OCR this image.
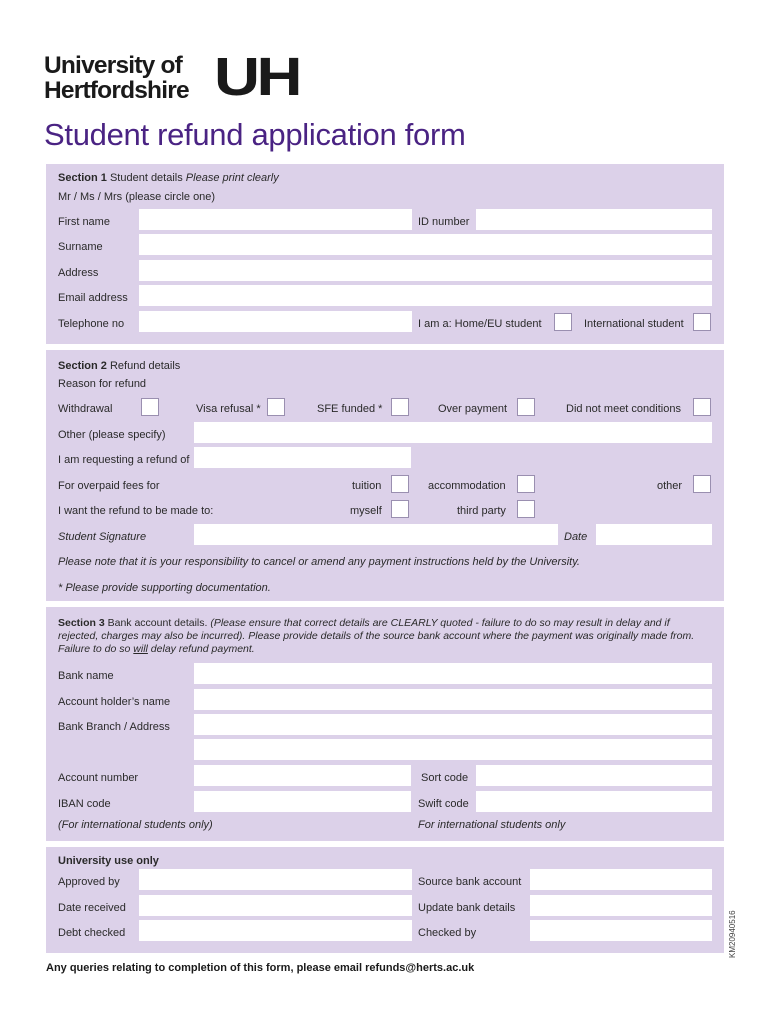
University of
Hertfordshire UH
Student refund application form
Section 1 Student details Please print clearly
Mr / Ms / Mrs (please circle one)
First name	ID number
Surname
Address
Email address
Telephone no	I am a: Home/EU student	International student
Section 2 Refund details
Reason for refund
Withdrawal	Visa refusal *	SFE funded *	Over payment	Did not meet conditions
Other (please specify)
I am requesting a refund of
For overpaid fees for	tuition	accommodation	other
I want the refund to be made to:	myself	third party
Student Signature	Date
Please note that it is your responsibility to cancel or amend any payment instructions held by the University.
* Please provide supporting documentation.
Section 3 Bank account details. (Please ensure that correct details are CLEARLY quoted - failure to do so may result in delay and if rejected, charges may also be incurred). Please provide details of the source bank account where the payment was originally made from. Failure to do so will delay refund payment.
Bank name
Account holder’s name
Bank Branch / Address
Account number	Sort code
IBAN code	Swift code
(For international students only)	For international students only
University use only
Approved by	Source bank account
Date received	Update bank details
Debt checked	Checked by	KM20940516
Any queries relating to completion of this form, please email refunds@herts.ac.uk
